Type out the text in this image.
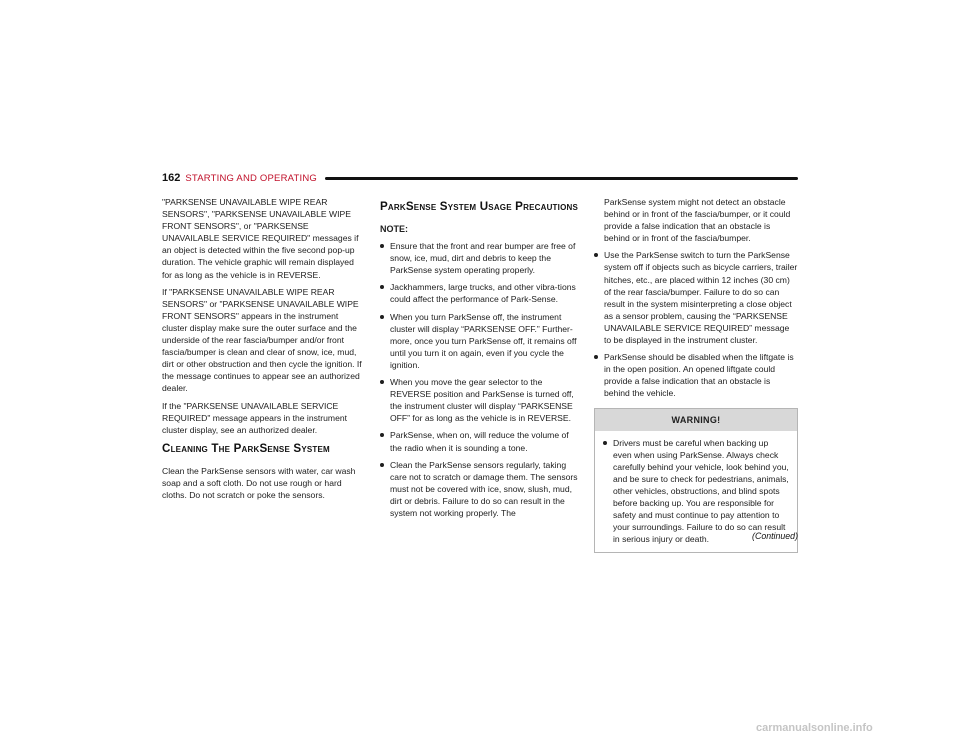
162 STARTING AND OPERATING

"PARKSENSE UNAVAILABLE WIPE REAR SENSORS", "PARKSENSE UNAVAILABLE WIPE FRONT SENSORS", or "PARKSENSE UNAVAILABLE SERVICE REQUIRED" messages if an object is detected within the five second pop-up duration. The vehicle graphic will remain displayed for as long as the vehicle is in REVERSE.

If "PARKSENSE UNAVAILABLE WIPE REAR SENSORS" or "PARKSENSE UNAVAILABLE WIPE FRONT SENSORS" appears in the instrument cluster display make sure the outer surface and the underside of the rear fascia/bumper and/or front fascia/bumper is clean and clear of snow, ice, mud, dirt or other obstruction and then cycle the ignition. If the message continues to appear see an authorized dealer.

If the "PARKSENSE UNAVAILABLE SERVICE REQUIRED" message appears in the instrument cluster display, see an authorized dealer.

Cleaning The ParkSense System

Clean the ParkSense sensors with water, car wash soap and a soft cloth. Do not use rough or hard cloths. Do not scratch or poke the sensors.

ParkSense System Usage Precautions
NOTE:
Ensure that the front and rear bumper are free of snow, ice, mud, dirt and debris to keep the ParkSense system operating properly.
Jackhammers, large trucks, and other vibra-tions could affect the performance of Park-Sense.
When you turn ParkSense off, the instrument cluster will display “PARKSENSE OFF.” Further-more, once you turn ParkSense off, it remains off until you turn it on again, even if you cycle the ignition.
When you move the gear selector to the REVERSE position and ParkSense is turned off, the instrument cluster will display “PARKSENSE OFF” for as long as the vehicle is in REVERSE.
ParkSense, when on, will reduce the volume of the radio when it is sounding a tone.
Clean the ParkSense sensors regularly, taking care not to scratch or damage them. The sensors must not be covered with ice, snow, slush, mud, dirt or debris. Failure to do so can result in the system not working properly. The
ParkSense system might not detect an obstacle behind or in front of the fascia/bumper, or it could provide a false indication that an obstacle is behind or in front of the fascia/bumper.
Use the ParkSense switch to turn the ParkSense system off if objects such as bicycle carriers, trailer hitches, etc., are placed within 12 inches (30 cm) of the rear fascia/bumper. Failure to do so can result in the system misinterpreting a close object as a sensor problem, causing the “PARKSENSE UNAVAILABLE SERVICE REQUIRED” message to be displayed in the instrument cluster.
ParkSense should be disabled when the liftgate is in the open position. An opened liftgate could provide a false indication that an obstacle is behind the vehicle.
WARNING!
Drivers must be careful when backing up even when using ParkSense. Always check carefully behind your vehicle, look behind you, and be sure to check for pedestrians, animals, other vehicles, obstructions, and blind spots before backing up. You are responsible for safety and must continue to pay attention to your surroundings. Failure to do so can result in serious injury or death.	(Continued)
carmanualsonline.info
